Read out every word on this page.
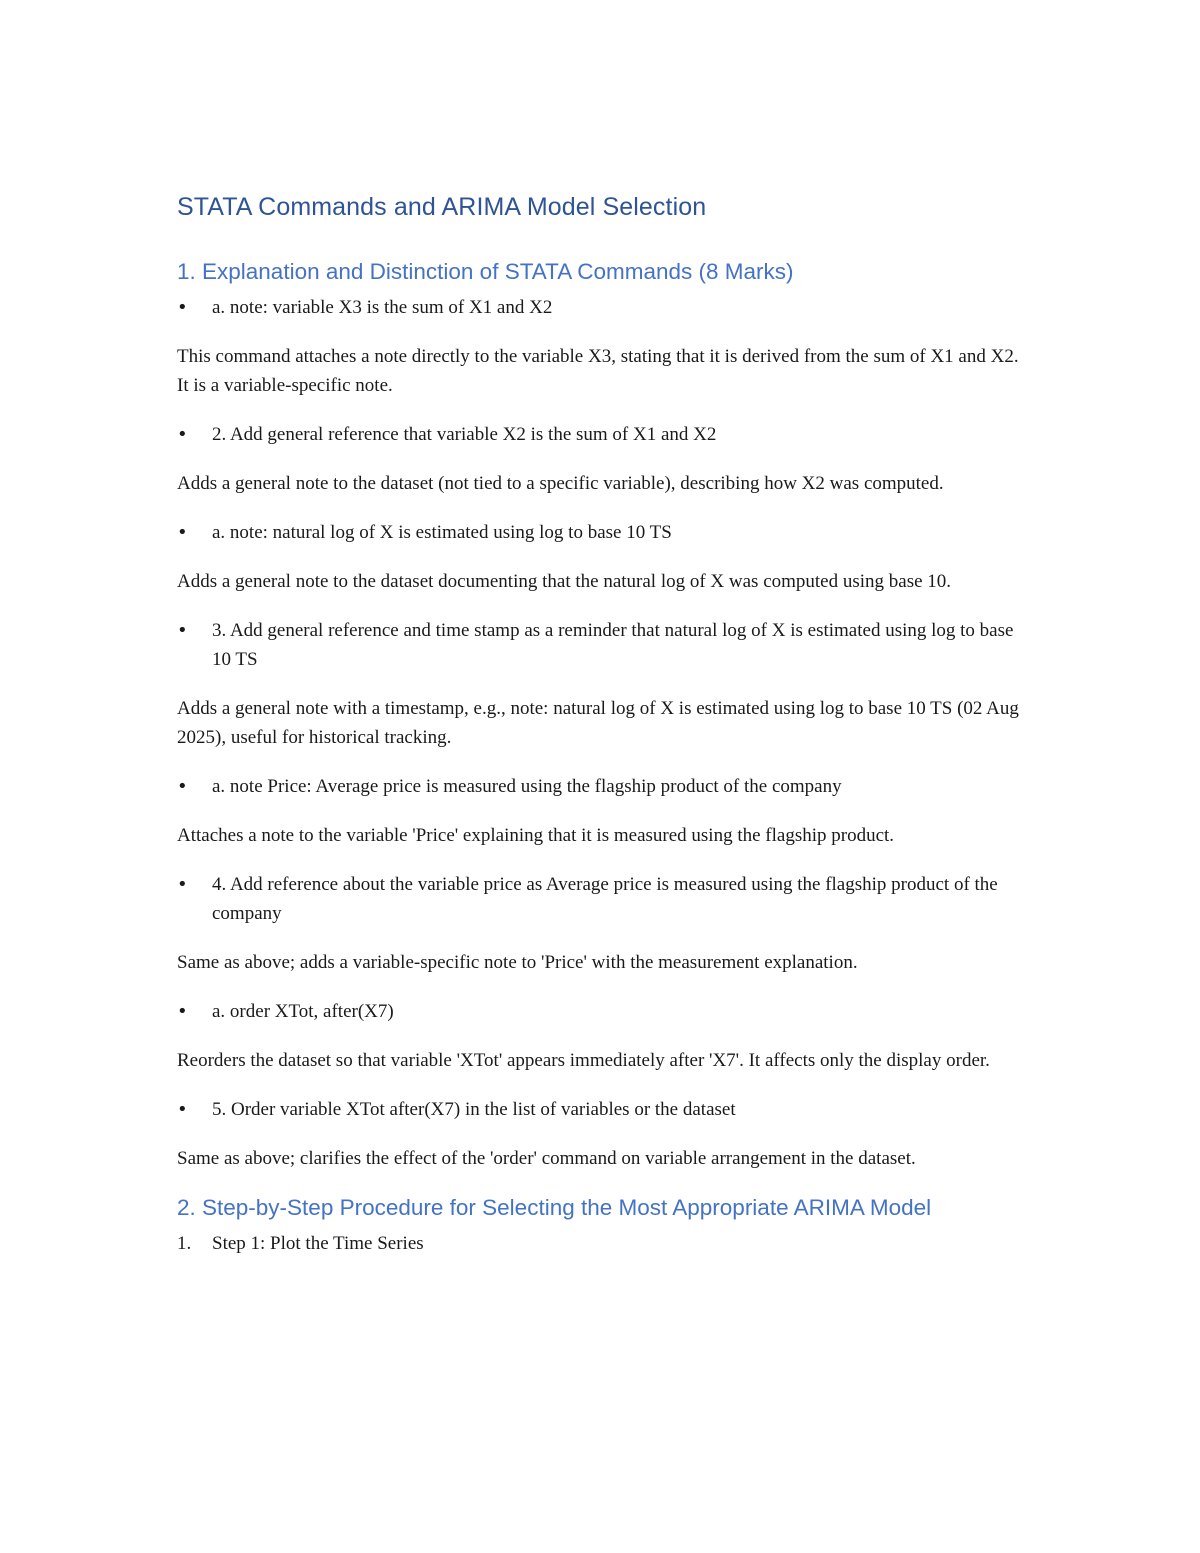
STATA Commands and ARIMA Model Selection
1. Explanation and Distinction of STATA Commands (8 Marks)
• a. note: variable X3 is the sum of X1 and X2
This command attaches a note directly to the variable X3, stating that it is derived from the sum of X1 and X2. It is a variable-specific note.
• 2. Add general reference that variable X2 is the sum of X1 and X2
Adds a general note to the dataset (not tied to a specific variable), describing how X2 was computed.
• a. note: natural log of X is estimated using log to base 10 TS
Adds a general note to the dataset documenting that the natural log of X was computed using base 10.
• 3. Add general reference and time stamp as a reminder that natural log of X is estimated using log to base 10 TS
Adds a general note with a timestamp, e.g., note: natural log of X is estimated using log to base 10 TS (02 Aug 2025), useful for historical tracking.
• a. note Price: Average price is measured using the flagship product of the company
Attaches a note to the variable 'Price' explaining that it is measured using the flagship product.
• 4. Add reference about the variable price as Average price is measured using the flagship product of the company
Same as above; adds a variable-specific note to 'Price' with the measurement explanation.
• a. order XTot, after(X7)
Reorders the dataset so that variable 'XTot' appears immediately after 'X7'. It affects only the display order.
• 5. Order variable XTot after(X7) in the list of variables or the dataset
Same as above; clarifies the effect of the 'order' command on variable arrangement in the dataset.
2. Step-by-Step Procedure for Selecting the Most Appropriate ARIMA Model
1. Step 1: Plot the Time Series
